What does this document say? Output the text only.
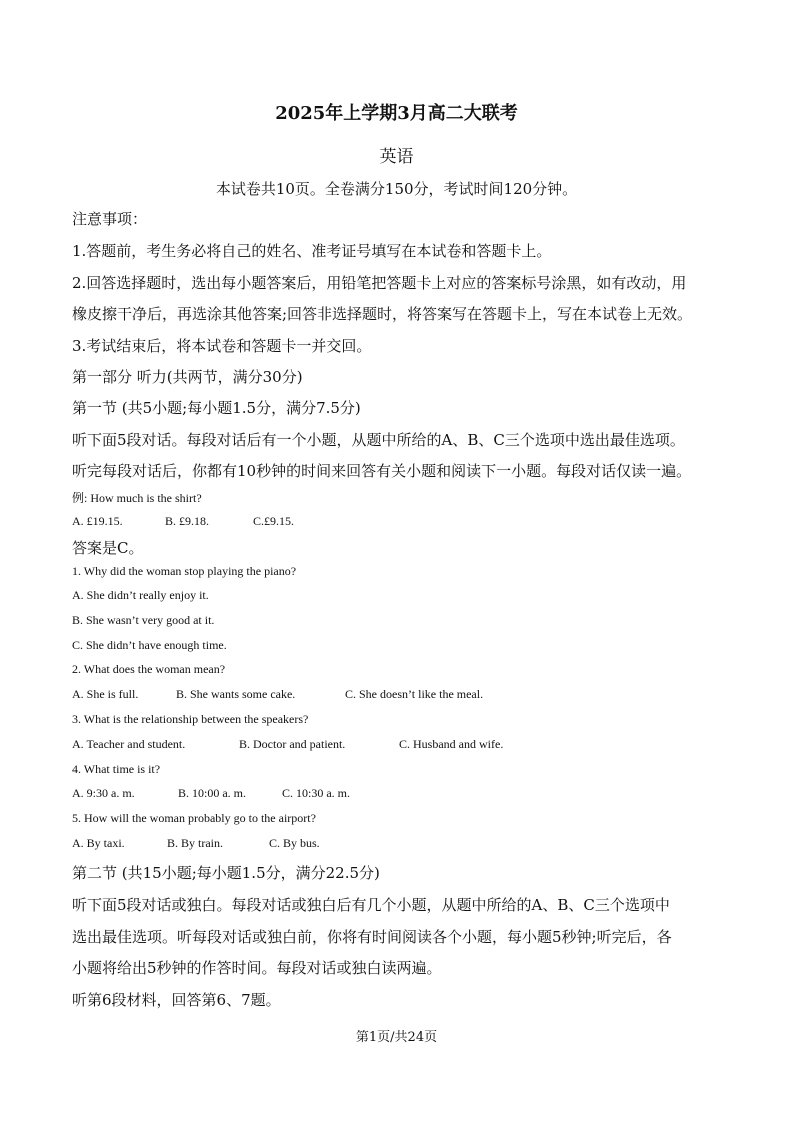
2025年上学期3月高二大联考

英语

本试卷共10页。全卷满分150分，考试时间120分钟。

注意事项：

1.答题前，考生务必将自己的姓名、准考证号填写在本试卷和答题卡上。

2.回答选择题时，选出每小题答案后，用铅笔把答题卡上对应的答案标号涂黑，如有改动，用

橡皮擦干净后，再选涂其他答案;回答非选择题时，将答案写在答题卡上，写在本试卷上无效。

3.考试结束后，将本试卷和答题卡一并交回。

第一部分 听力(共两节，满分30分)

第一节 (共5小题;每小题1.5分，满分7.5分)

听下面5段对话。每段对话后有一个小题，从题中所给的A、B、C三个选项中选出最佳选项。

听完每段对话后，你都有10秒钟的时间来回答有关小题和阅读下一小题。每段对话仅读一遍。

例: How much is the shirt?

A. £19.15.	B. £9.18.	C.£9.15.

答案是C。

1. Why did the woman stop playing the piano?

A. She didn’t really enjoy it.

B. She wasn’t very good at it.

C. She didn’t have enough time.

2. What does the woman mean?

A. She is full.	B. She wants some cake.	C. She doesn’t like the meal.

3. What is the relationship between the speakers?

A. Teacher and student.	B. Doctor and patient.	C. Husband and wife.

4. What time is it?

A. 9:30 a. m.	B. 10:00 a. m.	C. 10:30 a. m.

5. How will the woman probably go to the airport?

A. By taxi.	B. By train.	C. By bus.

第二节 (共15小题;每小题1.5分，满分22.5分)

听下面5段对话或独白。每段对话或独白后有几个小题，从题中所给的A、B、C三个选项中

选出最佳选项。听每段对话或独白前，你将有时间阅读各个小题，每小题5秒钟;听完后，各

小题将给出5秒钟的作答时间。每段对话或独白读两遍。

听第6段材料，回答第6、7题。

第1页/共24页
